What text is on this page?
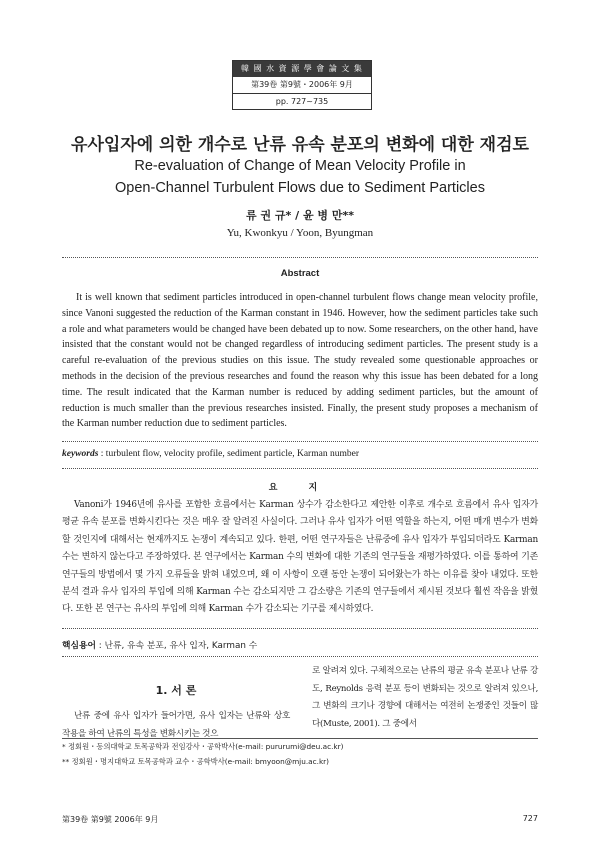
韓 國 水 資 源 學 會 論 文 集
第39卷 第9號・2006年 9月
pp. 727~735
유사입자에 의한 개수로 난류 유속 분포의 변화에 대한 재검토
Re-evaluation of Change of Mean Velocity Profile in
Open-Channel Turbulent Flows due to Sediment Particles
류 권 규* / 윤 병 만**
Yu, Kwonkyu / Yoon, Byungman
Abstract

It is well known that sediment particles introduced in open-channel turbulent flows change mean velocity profile, since Vanoni suggested the reduction of the Karman constant in 1946. However, how the sediment particles take such a role and what parameters would be changed have been debated up to now. Some researchers, on the other hand, have insisted that the constant would not be changed regardless of introducing sediment particles. The present study is a careful re-evaluation of the previous studies on this issue. The study revealed some questionable approaches or methods in the decision of the previous researches and found the reason why this issue has been debated for a long time. The result indicated that the Karman number is reduced by adding sediment particles, but the amount of reduction is much smaller than the previous researches insisted. Finally, the present study proposes a mechanism of the Karman number reduction due to sediment particles.

keywords : turbulent flow, velocity profile, sediment particle, Karman number
요 지

Vanoni가 1946년에 유사를 포함한 흐름에서는 Karman 상수가 감소한다고 제안한 이후로 개수로 흐름에서 유사 입자가 평균 유속 분포를 변화시킨다는 것은 매우 잘 알려진 사실이다. 그러나 유사 입자가 어떤 역할을 하는지, 어떤 매개 변수가 변화할 것인지에 대해서는 현재까지도 논쟁이 계속되고 있다. 한편, 어떤 연구자들은 난류중에 유사 입자가 투입되더라도 Karman 수는 변하지 않는다고 주장하였다. 본 연구에서는 Karman 수의 변화에 대한 기존의 연구들을 재평가하였다. 이를 통하여 기존 연구들의 방법에서 몇 가지 오류들을 밝혀 내었으며, 왜 이 사항이 오랜 동안 논쟁이 되어왔는가 하는 이유를 찾아 내었다. 또한 분석 결과 유사 입자의 투입에 의해 Karman 수는 감소되지만 그 감소량은 기존의 연구들에서 제시된 것보다 훨씬 작음을 밝혔다. 또한 본 연구는 유사의 투입에 의해 Karman 수가 감소되는 기구를 제시하였다.

핵심용어 : 난류, 유속 분포, 유사 입자, Karman 수
1. 서 론

난류 중에 유사 입자가 들어가면, 유사 입자는 난류와 상호 작용을 하여 난류의 특성을 변화시키는 것으

로 알려져 있다. 구체적으로는 난류의 평균 유속 분포나 난류 강도, Reynolds 응력 분포 등이 변화되는 것으로 알려져 있으나, 그 변화의 크기나 경향에 대해서는 여전히 논쟁중인 것들이 많다(Muste, 2001). 그 중에서

* 정회원・동의대학교 토목공학과 전임강사・공학박사(e-mail: pururumi@deu.ac.kr)
** 정회원・명지대학교 토목공학과 교수・공학박사(e-mail: bmyoon@mju.ac.kr)
第39卷 第9號 2006年 9月	727
